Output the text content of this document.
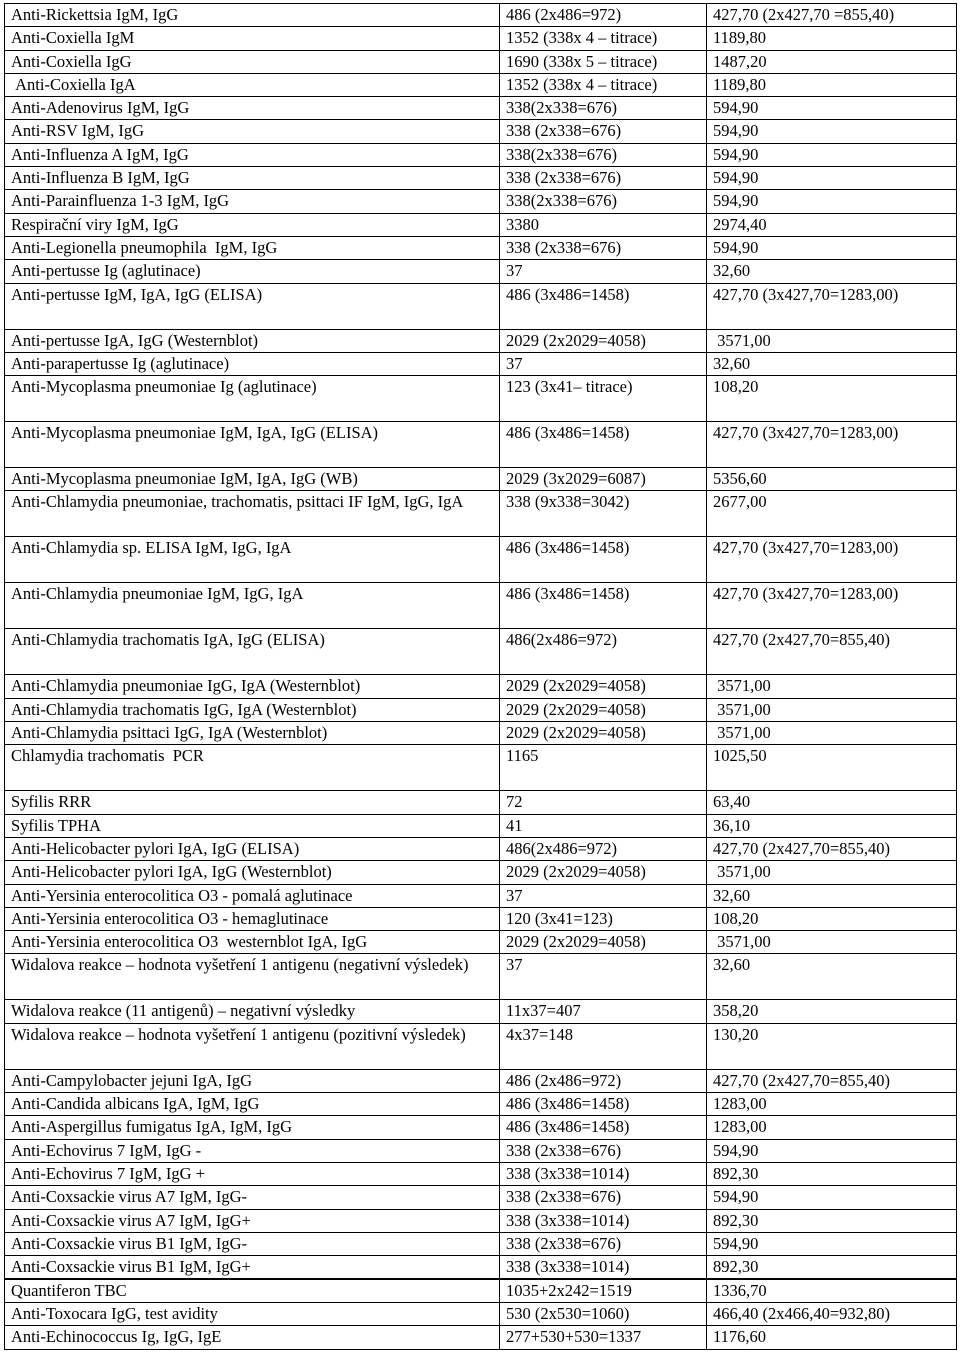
Anti-Rickettsia IgM, IgG	486 (2x486=972)	427,70 (2x427,70 =855,40)
Anti-Coxiella IgM	1352 (338x 4 – titrace)	1189,80
Anti-Coxiella IgG	1690 (338x 5 – titrace)	1487,20
Anti-Coxiella IgA	1352 (338x 4 – titrace)	1189,80
Anti-Adenovirus IgM, IgG	338(2x338=676)	594,90
Anti-RSV IgM, IgG	338 (2x338=676)	594,90
Anti-Influenza A IgM, IgG	338(2x338=676)	594,90
Anti-Influenza B IgM, IgG	338 (2x338=676)	594,90
Anti-Parainfluenza 1-3 IgM, IgG	338(2x338=676)	594,90
Respirační viry IgM, IgG	3380	2974,40
Anti-Legionella pneumophila  IgM, IgG	338 (2x338=676)	594,90
Anti-pertusse Ig (aglutinace)	37	32,60
Anti-pertusse IgM, IgA, IgG (ELISA)	486 (3x486=1458)	427,70 (3x427,70=1283,00)
Anti-pertusse IgA, IgG (Westernblot)	2029 (2x2029=4058)	3571,00
Anti-parapertusse Ig (aglutinace)	37	32,60
Anti-Mycoplasma pneumoniae Ig (aglutinace)	123 (3x41– titrace)	108,20
Anti-Mycoplasma pneumoniae IgM, IgA, IgG (ELISA)	486 (3x486=1458)	427,70 (3x427,70=1283,00)
Anti-Mycoplasma pneumoniae IgM, IgA, IgG (WB)	2029 (3x2029=6087)	5356,60
Anti-Chlamydia pneumoniae, trachomatis, psittaci IF IgM, IgG, IgA	338 (9x338=3042)	2677,00
Anti-Chlamydia sp. ELISA IgM, IgG, IgA	486 (3x486=1458)	427,70 (3x427,70=1283,00)
Anti-Chlamydia pneumoniae IgM, IgG, IgA	486 (3x486=1458)	427,70 (3x427,70=1283,00)
Anti-Chlamydia trachomatis IgA, IgG (ELISA)	486(2x486=972)	427,70 (2x427,70=855,40)
Anti-Chlamydia pneumoniae IgG, IgA (Westernblot)	2029 (2x2029=4058)	3571,00
Anti-Chlamydia trachomatis IgG, IgA (Westernblot)	2029 (2x2029=4058)	3571,00
Anti-Chlamydia psittaci IgG, IgA (Westernblot)	2029 (2x2029=4058)	3571,00
Chlamydia trachomatis  PCR	1165	1025,50
Syfilis RRR	72	63,40
Syfilis TPHA	41	36,10
Anti-Helicobacter pylori IgA, IgG (ELISA)	486(2x486=972)	427,70 (2x427,70=855,40)
Anti-Helicobacter pylori IgA, IgG (Westernblot)	2029 (2x2029=4058)	3571,00
Anti-Yersinia enterocolitica O3 - pomalá aglutinace	37	32,60
Anti-Yersinia enterocolitica O3 - hemaglutinace	120 (3x41=123)	108,20
Anti-Yersinia enterocolitica O3  westernblot IgA, IgG	2029 (2x2029=4058)	3571,00
Widalova reakce – hodnota vyšetření 1 antigenu (negativní výsledek)	37	32,60
Widalova reakce (11 antigenů) – negativní výsledky	11x37=407	358,20
Widalova reakce – hodnota vyšetření 1 antigenu (pozitivní výsledek)	4x37=148	130,20
Anti-Campylobacter jejuni IgA, IgG	486 (2x486=972)	427,70 (2x427,70=855,40)
Anti-Candida albicans IgA, IgM, IgG	486 (3x486=1458)	1283,00
Anti-Aspergillus fumigatus IgA, IgM, IgG	486 (3x486=1458)	1283,00
Anti-Echovirus 7 IgM, IgG -	338 (2x338=676)	594,90
Anti-Echovirus 7 IgM, IgG +	338 (3x338=1014)	892,30
Anti-Coxsackie virus A7 IgM, IgG-	338 (2x338=676)	594,90
Anti-Coxsackie virus A7 IgM, IgG+	338 (3x338=1014)	892,30
Anti-Coxsackie virus B1 IgM, IgG-	338 (2x338=676)	594,90
Anti-Coxsackie virus B1 IgM, IgG+	338 (3x338=1014)	892,30
Quantiferon TBC	1035+2x242=1519	1336,70
Anti-Toxocara IgG, test avidity	530 (2x530=1060)	466,40 (2x466,40=932,80)
Anti-Echinococcus Ig, IgG, IgE	277+530+530=1337	1176,60
